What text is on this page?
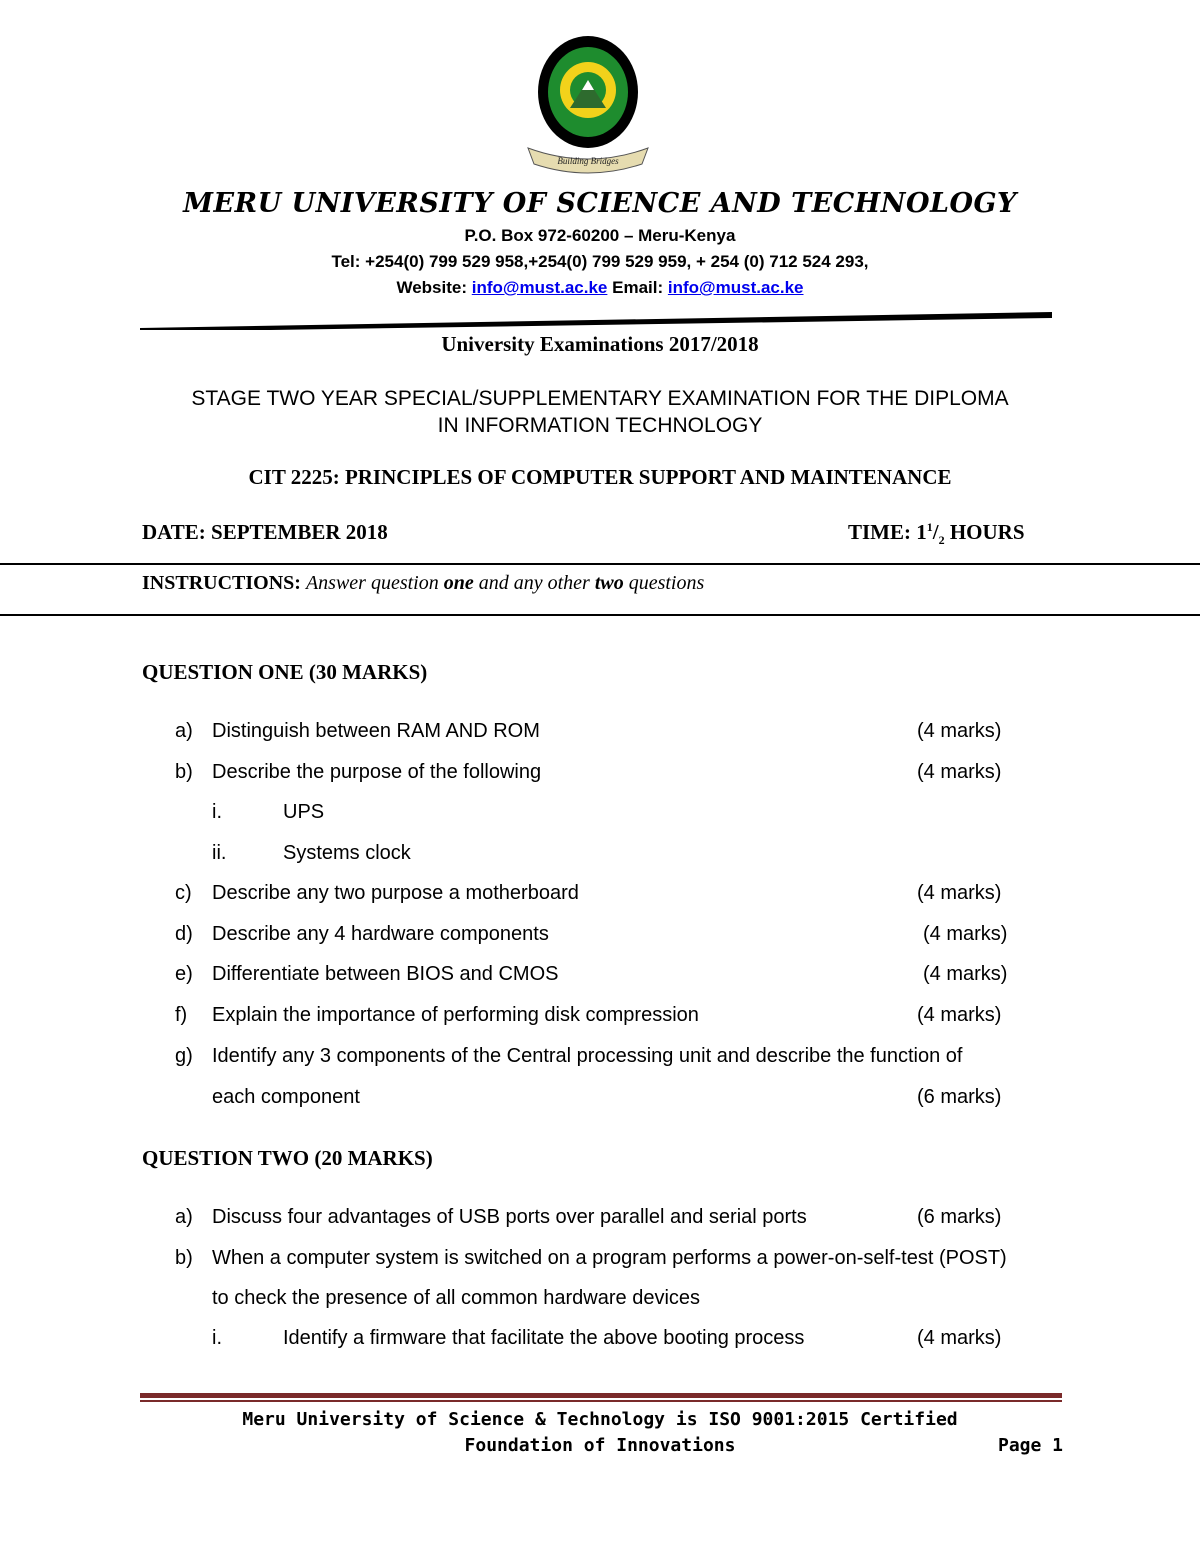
Building Bridges
MERU UNIVERSITY OF SCIENCE AND TECHNOLOGY
P.O. Box 972-60200 – Meru-Kenya
Tel: +254(0) 799 529 958,+254(0) 799 529 959, + 254 (0) 712 524 293,
Website: info@must.ac.ke Email: info@must.ac.ke
University Examinations 2017/2018
STAGE TWO YEAR SPECIAL/SUPPLEMENTARY EXAMINATION FOR THE DIPLOMA
IN INFORMATION TECHNOLOGY
CIT 2225: PRINCIPLES OF COMPUTER SUPPORT AND MAINTENANCE
DATE: SEPTEMBER 2018	TIME: $1^1/_2$ HOURS
INSTRUCTIONS: Answer question one and any other two questions
QUESTION ONE (30 MARKS)
a) Distinguish between RAM AND ROM	(4 marks)
b) Describe the purpose of the following	(4 marks)
i.	UPS
ii.	Systems clock
c) Describe any two purpose a motherboard	(4 marks)
d) Describe any 4 hardware components	(4 marks)
e) Differentiate between BIOS and CMOS	(4 marks)
f) Explain the importance of performing disk compression	(4 marks)
g) Identify any 3 components of the Central processing unit and describe the function of
each component	(6 marks)
QUESTION TWO (20 MARKS)
a) Discuss four advantages of USB ports over parallel and serial ports	(6 marks)
b) When a computer system is switched on a program performs a power-on-self-test (POST)
to check the presence of all common hardware devices
i.	Identify a firmware that facilitate the above booting process	(4 marks)
Meru University of Science & Technology is ISO 9001:2015 Certified
Foundation of Innovations	Page 1
